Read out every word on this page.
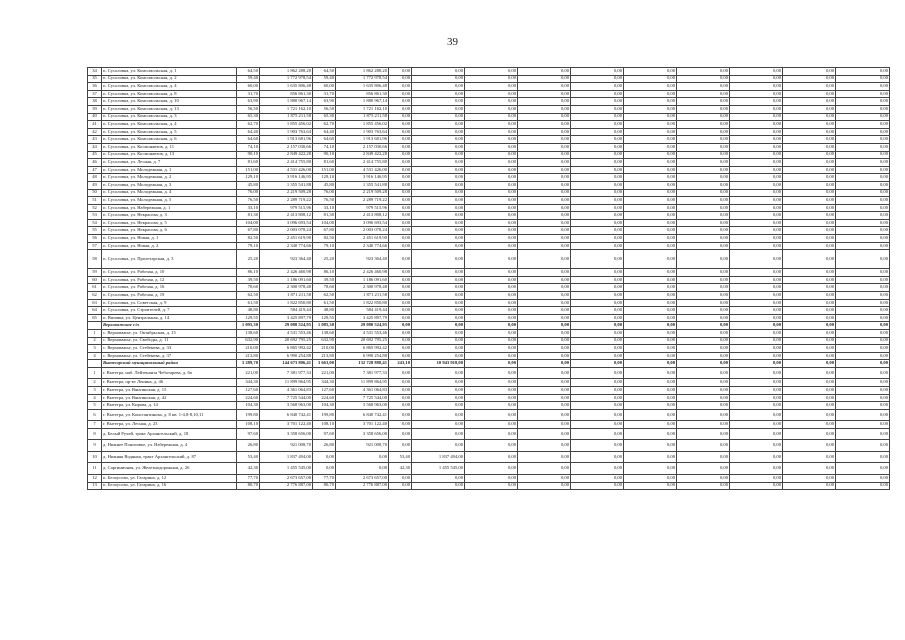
39
34	п. Сусоловка, ул. Комсомольская, д. 1	64,50	1 862 288,20	64,50	1 862 288,20	0,00	0,00	0,00	0,00	0,00	0,00	0,00	0,00	0,00	0,00
35	п. Сусоловка, ул. Комсомольская, д. 2	59,40	1 772 978,54	59,40	1 772 978,54	0,00	0,00	0,00	0,00	0,00	0,00	0,00	0,00	0,00	0,00
36	п. Сусоловка, ул. Комсомольская, д. 4	60,00	1 635 806,48	60,00	1 635 806,48	0,00	0,00	0,00	0,00	0,00	0,00	0,00	0,00	0,00	0,00
37	п. Сусоловка, ул. Комсомольская, д. 8	31,70	856 861,30	31,70	856 861,30	0,00	0,00	0,00	0,00	0,00	0,00	0,00	0,00	0,00	0,00
38	п. Сусоловка, ул. Комсомольская, д. 10	63,90	1 880 967,14	63,90	1 880 967,14	0,00	0,00	0,00	0,00	0,00	0,00	0,00	0,00	0,00	0,00
39	п. Сусоловка, ул. Комсомольская, д. 13	56,50	1 721 162,10	56,50	1 721 162,10	0,00	0,00	0,00	0,00	0,00	0,00	0,00	0,00	0,00	0,00
40	п. Сусоловка, ул. Комсомольская, д. 3	65,30	1 875 211,58	65,30	1 875 211,58	0,00	0,00	0,00	0,00	0,00	0,00	0,00	0,00	0,00	0,00
41	п. Сусоловка, ул. Комсомольская, д. 4	62,70	1 855 456,02	62,70	1 855 456,02	0,00	0,00	0,00	0,00	0,00	0,00	0,00	0,00	0,00	0,00
42	п. Сусоловка, ул. Комсомольская, д. 5	64,40	1 903 763,64	64,40	1 903 763,64	0,00	0,00	0,00	0,00	0,00	0,00	0,00	0,00	0,00	0,00
43	п. Сусоловка, ул. Комсомольская, д. 6	64,60	1 913 681,96	64,60	1 913 681,96	0,00	0,00	0,00	0,00	0,00	0,00	0,00	0,00	0,00	0,00
44	п. Сусоловка, ул. Космонавтов, д. 11	74,10	2 157 030,66	74,10	2 157 030,66	0,00	0,00	0,00	0,00	0,00	0,00	0,00	0,00	0,00	0,00
45	п. Сусоловка, ул. Космонавтов, д. 13	90,10	2 849 422,28	90,10	2 849 422,28	0,00	0,00	0,00	0,00	0,00	0,00	0,00	0,00	0,00	0,00
46	п. Сусоловка, ул. Лесная, д. 7	81,60	2 414 755,80	81,60	2 414 755,80	0,00	0,00	0,00	0,00	0,00	0,00	0,00	0,00	0,00	0,00
47	п. Сусоловка, ул. Молодежная, д. 1	151,00	4 531 426,00	151,00	4 531 426,00	0,00	0,00	0,00	0,00	0,00	0,00	0,00	0,00	0,00	0,00
48	п. Сусоловка, ул. Молодежная, д. 2	129,10	3 916 146,95	129,10	3 916 146,95	0,00	0,00	0,00	0,00	0,00	0,00	0,00	0,00	0,00	0,00
49	п. Сусоловка, ул. Молодежная, д. 3	45,80	1 355 541,88	45,80	1 355 541,88	0,00	0,00	0,00	0,00	0,00	0,00	0,00	0,00	0,00	0,00
50	п. Сусоловка, ул. Молодежная, д. 4	76,00	2 219 509,28	76,00	2 219 509,28	0,00	0,00	0,00	0,00	0,00	0,00	0,00	0,00	0,00	0,00
51	п. Сусоловка, ул. Молодежная, д. 5	76,50	2 289 719,22	76,50	2 289 719,22	0,00	0,00	0,00	0,00	0,00	0,00	0,00	0,00	0,00	0,00
52	п. Сусоловка, ул. Набережная, д. 1	33,10	979 515,96	33,10	979 515,96	0,00	0,00	0,00	0,00	0,00	0,00	0,00	0,00	0,00	0,00
53	п. Сусоловка, ул. Некрасова, д. 3	81,30	2 413 808,12	81,30	2 413 808,12	0,00	0,00	0,00	0,00	0,00	0,00	0,00	0,00	0,00	0,00
54	п. Сусоловка, ул. Некрасова, д. 5	104,00	3 096 693,54	104,00	3 096 693,54	0,00	0,00	0,00	0,00	0,00	0,00	0,00	0,00	0,00	0,00
55	п. Сусоловка, ул. Некрасова, д. 6	67,80	2 003 078,24	67,80	2 003 078,24	0,00	0,00	0,00	0,00	0,00	0,00	0,00	0,00	0,00	0,00
56	п. Сусоловка, ул. Новая, д. 1	82,50	2 451 619,90	82,50	2 451 619,90	0,00	0,00	0,00	0,00	0,00	0,00	0,00	0,00	0,00	0,00
57	п. Сусоловка, ул. Новая, д. 2	79,10	2 340 774,66	79,10	2 340 774,66	0,00	0,00	0,00	0,00	0,00	0,00	0,00	0,00	0,00	0,00
58	п. Сусоловка, ул. Пролетарская, д. 3	25,20	923 364,40	25,20	923 364,40	0,00	0,00	0,00	0,00	0,00	0,00	0,00	0,00	0,00	0,00
59	п. Сусоловка, ул. Рабочая, д. 10	86,10	2 426 460,98	86,10	2 426 460,98	0,00	0,00	0,00	0,00	0,00	0,00	0,00	0,00	0,00	0,00
60	п. Сусоловка, ул. Рабочая, д. 12	39,50	1 186 091,60	39,50	1 186 091,60	0,00	0,00	0,00	0,00	0,00	0,00	0,00	0,00	0,00	0,00
61	п. Сусоловка, ул. Рабочая, д. 16	78,60	2 300 978,48	78,60	2 300 978,48	0,00	0,00	0,00	0,00	0,00	0,00	0,00	0,00	0,00	0,00
62	п. Сусоловка, ул. Рабочая, д. 19	62,50	1 871 211,58	62,50	1 871 211,58	0,00	0,00	0,00	0,00	0,00	0,00	0,00	0,00	0,00	0,00
63	п. Сусоловка, ул. Советская, д. 9	61,50	1 822 850,80	61,50	1 822 850,80	0,00	0,00	0,00	0,00	0,00	0,00	0,00	0,00	0,00	0,00
64	п. Сусоловка, ул. Строителей, д. 7	48,80	584 419,44	48,80	584 419,44	0,00	0,00	0,00	0,00	0,00	0,00	0,00	0,00	0,00	0,00
65	п. Вязовка, ул. Центральная, д. 14	129,55	3 425 897,79	129,55	3 425 897,79	0,00	0,00	0,00	0,00	0,00	0,00	0,00	0,00	0,00	0,00
	Верховажское с/п	1 095,30	29 080 524,95	1 085,30	29 080 524,95	0,00	0,00	0,00	0,00	0,00	0,00	0,00	0,00	0,00	0,00
1	с. Верховажье, ул. Октябрьская, д. 15	138,60	4 531 553,46	138,60	4 531 553,46	0,00	0,00	0,00	0,00	0,00	0,00	0,00	0,00	0,00	0,00
2	с. Верховажье, ул. Свободы, д. 11	632,90	20 692 795,25	632,90	20 692 795,25	0,00	0,00	0,00	0,00	0,00	0,00	0,00	0,00	0,00	0,00
3	с. Верховажье, ул. Стебенева, д. 33	210,00	6 865 992,42	210,00	6 865 992,42	0,00	0,00	0,00	0,00	0,00	0,00	0,00	0,00	0,00	0,00
4	с. Верховажье, ул. Стебенева, д. 37	213,80	6 990 254,88	213,80	6 990 254,88	0,00	0,00	0,00	0,00	0,00	0,00	0,00	0,00	0,00	0,00
	Вытегорский муниципальный район	3 289,70	144 673 806,41	3 663,00	132 728 888,41	243,10	10 943 918,00	0,00	0,00	0,00	0,00	0,00	0,00	0,00	0,00
1	г. Вытегра, наб. Лейтенанта Чеботарева, д. 6а	221,00	7 381 977,33	221,00	7 381 977,33	0,00	0,00	0,00	0,00	0,00	0,00	0,00	0,00	0,00	0,00
2	г. Вытегра, пр-кт Ленина, д. 46	344,30	11 899 864,95	344,30	11 899 864,95	0,00	0,00	0,00	0,00	0,00	0,00	0,00	0,00	0,00	0,00
3	г. Вытегра, ул. Вянгинская, д. 15	127,60	4 361 064,83	127,60	4 361 064,83	0,00	0,00	0,00	0,00	0,00	0,00	0,00	0,00	0,00	0,00
4	г. Вытегра, ул. Вянгинская, д. 42	224,60	7 725 544,00	224,60	7 725 544,00	0,00	0,00	0,00	0,00	0,00	0,00	0,00	0,00	0,00	0,00
5	г. Вытегра, ул. Кирова, д. 14	104,30	3 568 963,00	104,30	3 568 963,00	0,00	0,00	0,00	0,00	0,00	0,00	0,00	0,00	0,00	0,00
6	г. Вытегра, ул. Константинова, д. 8 кв. 1-4,8-8,10,11	199,80	6 840 742,41	199,80	6 840 742,41	0,00	0,00	0,00	0,00	0,00	0,00	0,00	0,00	0,00	0,00
7	г. Вытегра, ул. Лесная, д. 23	108,10	3 701 122,40	108,10	3 701 122,40	0,00	0,00	0,00	0,00	0,00	0,00	0,00	0,00	0,00	0,00
8	д. Белый Ручей, тракт Архангельский, д. 18	97,60	3 358 656,00	97,60	3 358 656,00	0,00	0,00	0,00	0,00	0,00	0,00	0,00	0,00	0,00	0,00
9	д. Нижнее Понизовье, ул. Набережная, д. 4	26,80	921 008,70	26,80	921 008,70	0,00	0,00	0,00	0,00	0,00	0,00	0,00	0,00	0,00	0,00
10	д. Нижняя Водяная, тракт Архангельский, д. 87	53,40	1 837 494,00	0,00	0,00	53,40	1 837 494,00	0,00	0,00	0,00	0,00	0,00	0,00	0,00	0,00
11	д. Саргиничная, ул. Железнодорожная, д. 26	42,30	1 455 545,00	0,00	0,00	42,30	1 455 545,00	0,00	0,00	0,00	0,00	0,00	0,00	0,00	0,00
12	п. Белоусово, ул. Гагарина, д. 12	77,70	2 673 657,00	77,70	2 673 657,00	0,00	0,00	0,00	0,00	0,00	0,00	0,00	0,00	0,00	0,00
13	п. Белоусово, ул. Гагарина, д. 16	80,70	2 776 887,00	80,70	2 776 887,00	0,00	0,00	0,00	0,00	0,00	0,00	0,00	0,00	0,00	0,00
